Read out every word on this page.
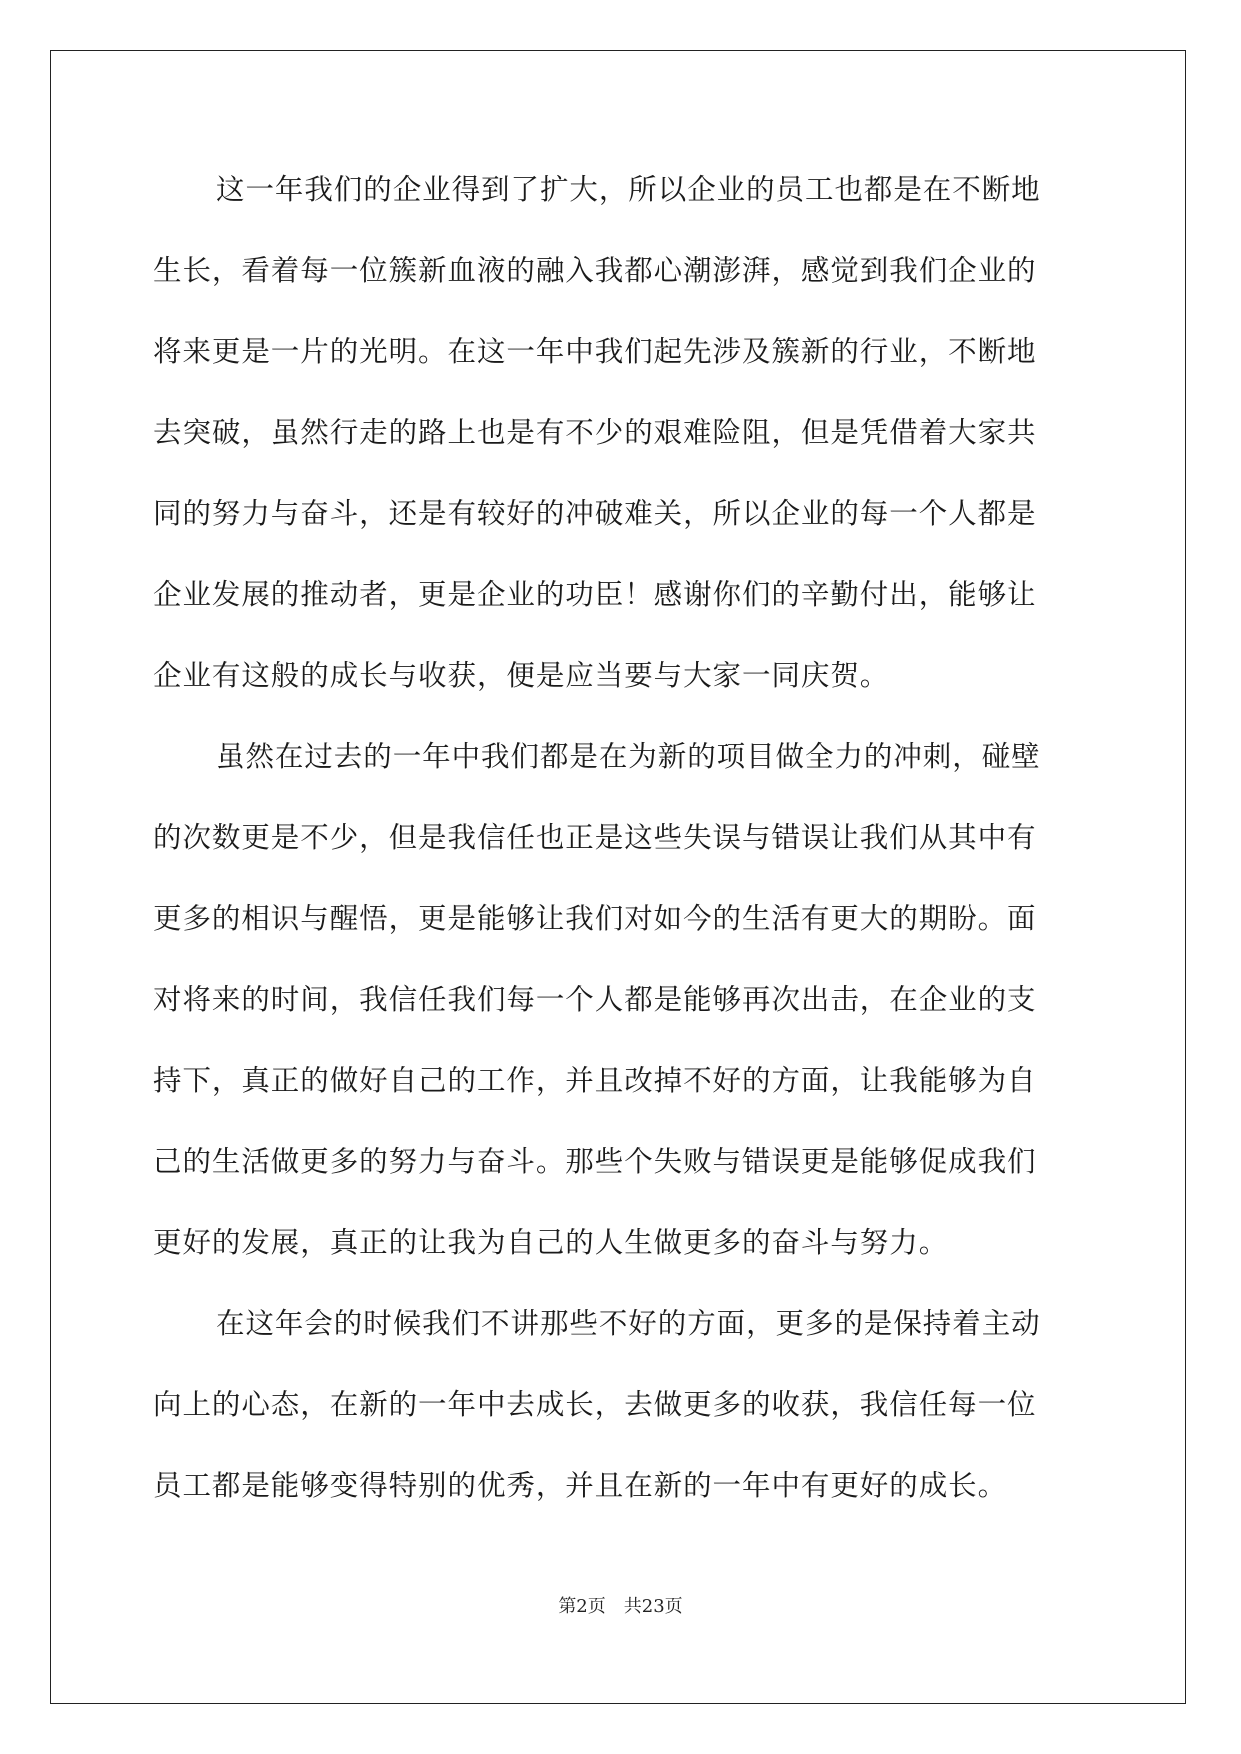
这一年我们的企业得到了扩大，所以企业的员工也都是在不断地
生长，看着每一位簇新血液的融入我都心潮澎湃，感觉到我们企业的
将来更是一片的光明。在这一年中我们起先涉及簇新的行业，不断地
去突破，虽然行走的路上也是有不少的艰难险阻，但是凭借着大家共
同的努力与奋斗，还是有较好的冲破难关，所以企业的每一个人都是
企业发展的推动者，更是企业的功臣！感谢你们的辛勤付出，能够让
企业有这般的成长与收获，便是应当要与大家一同庆贺。
虽然在过去的一年中我们都是在为新的项目做全力的冲刺，碰壁
的次数更是不少，但是我信任也正是这些失误与错误让我们从其中有
更多的相识与醒悟，更是能够让我们对如今的生活有更大的期盼。面
对将来的时间，我信任我们每一个人都是能够再次出击，在企业的支
持下，真正的做好自己的工作，并且改掉不好的方面，让我能够为自
己的生活做更多的努力与奋斗。那些个失败与错误更是能够促成我们
更好的发展，真正的让我为自己的人生做更多的奋斗与努力。
在这年会的时候我们不讲那些不好的方面，更多的是保持着主动
向上的心态，在新的一年中去成长，去做更多的收获，我信任每一位
员工都是能够变得特别的优秀，并且在新的一年中有更好的成长。
第2页 共23页
